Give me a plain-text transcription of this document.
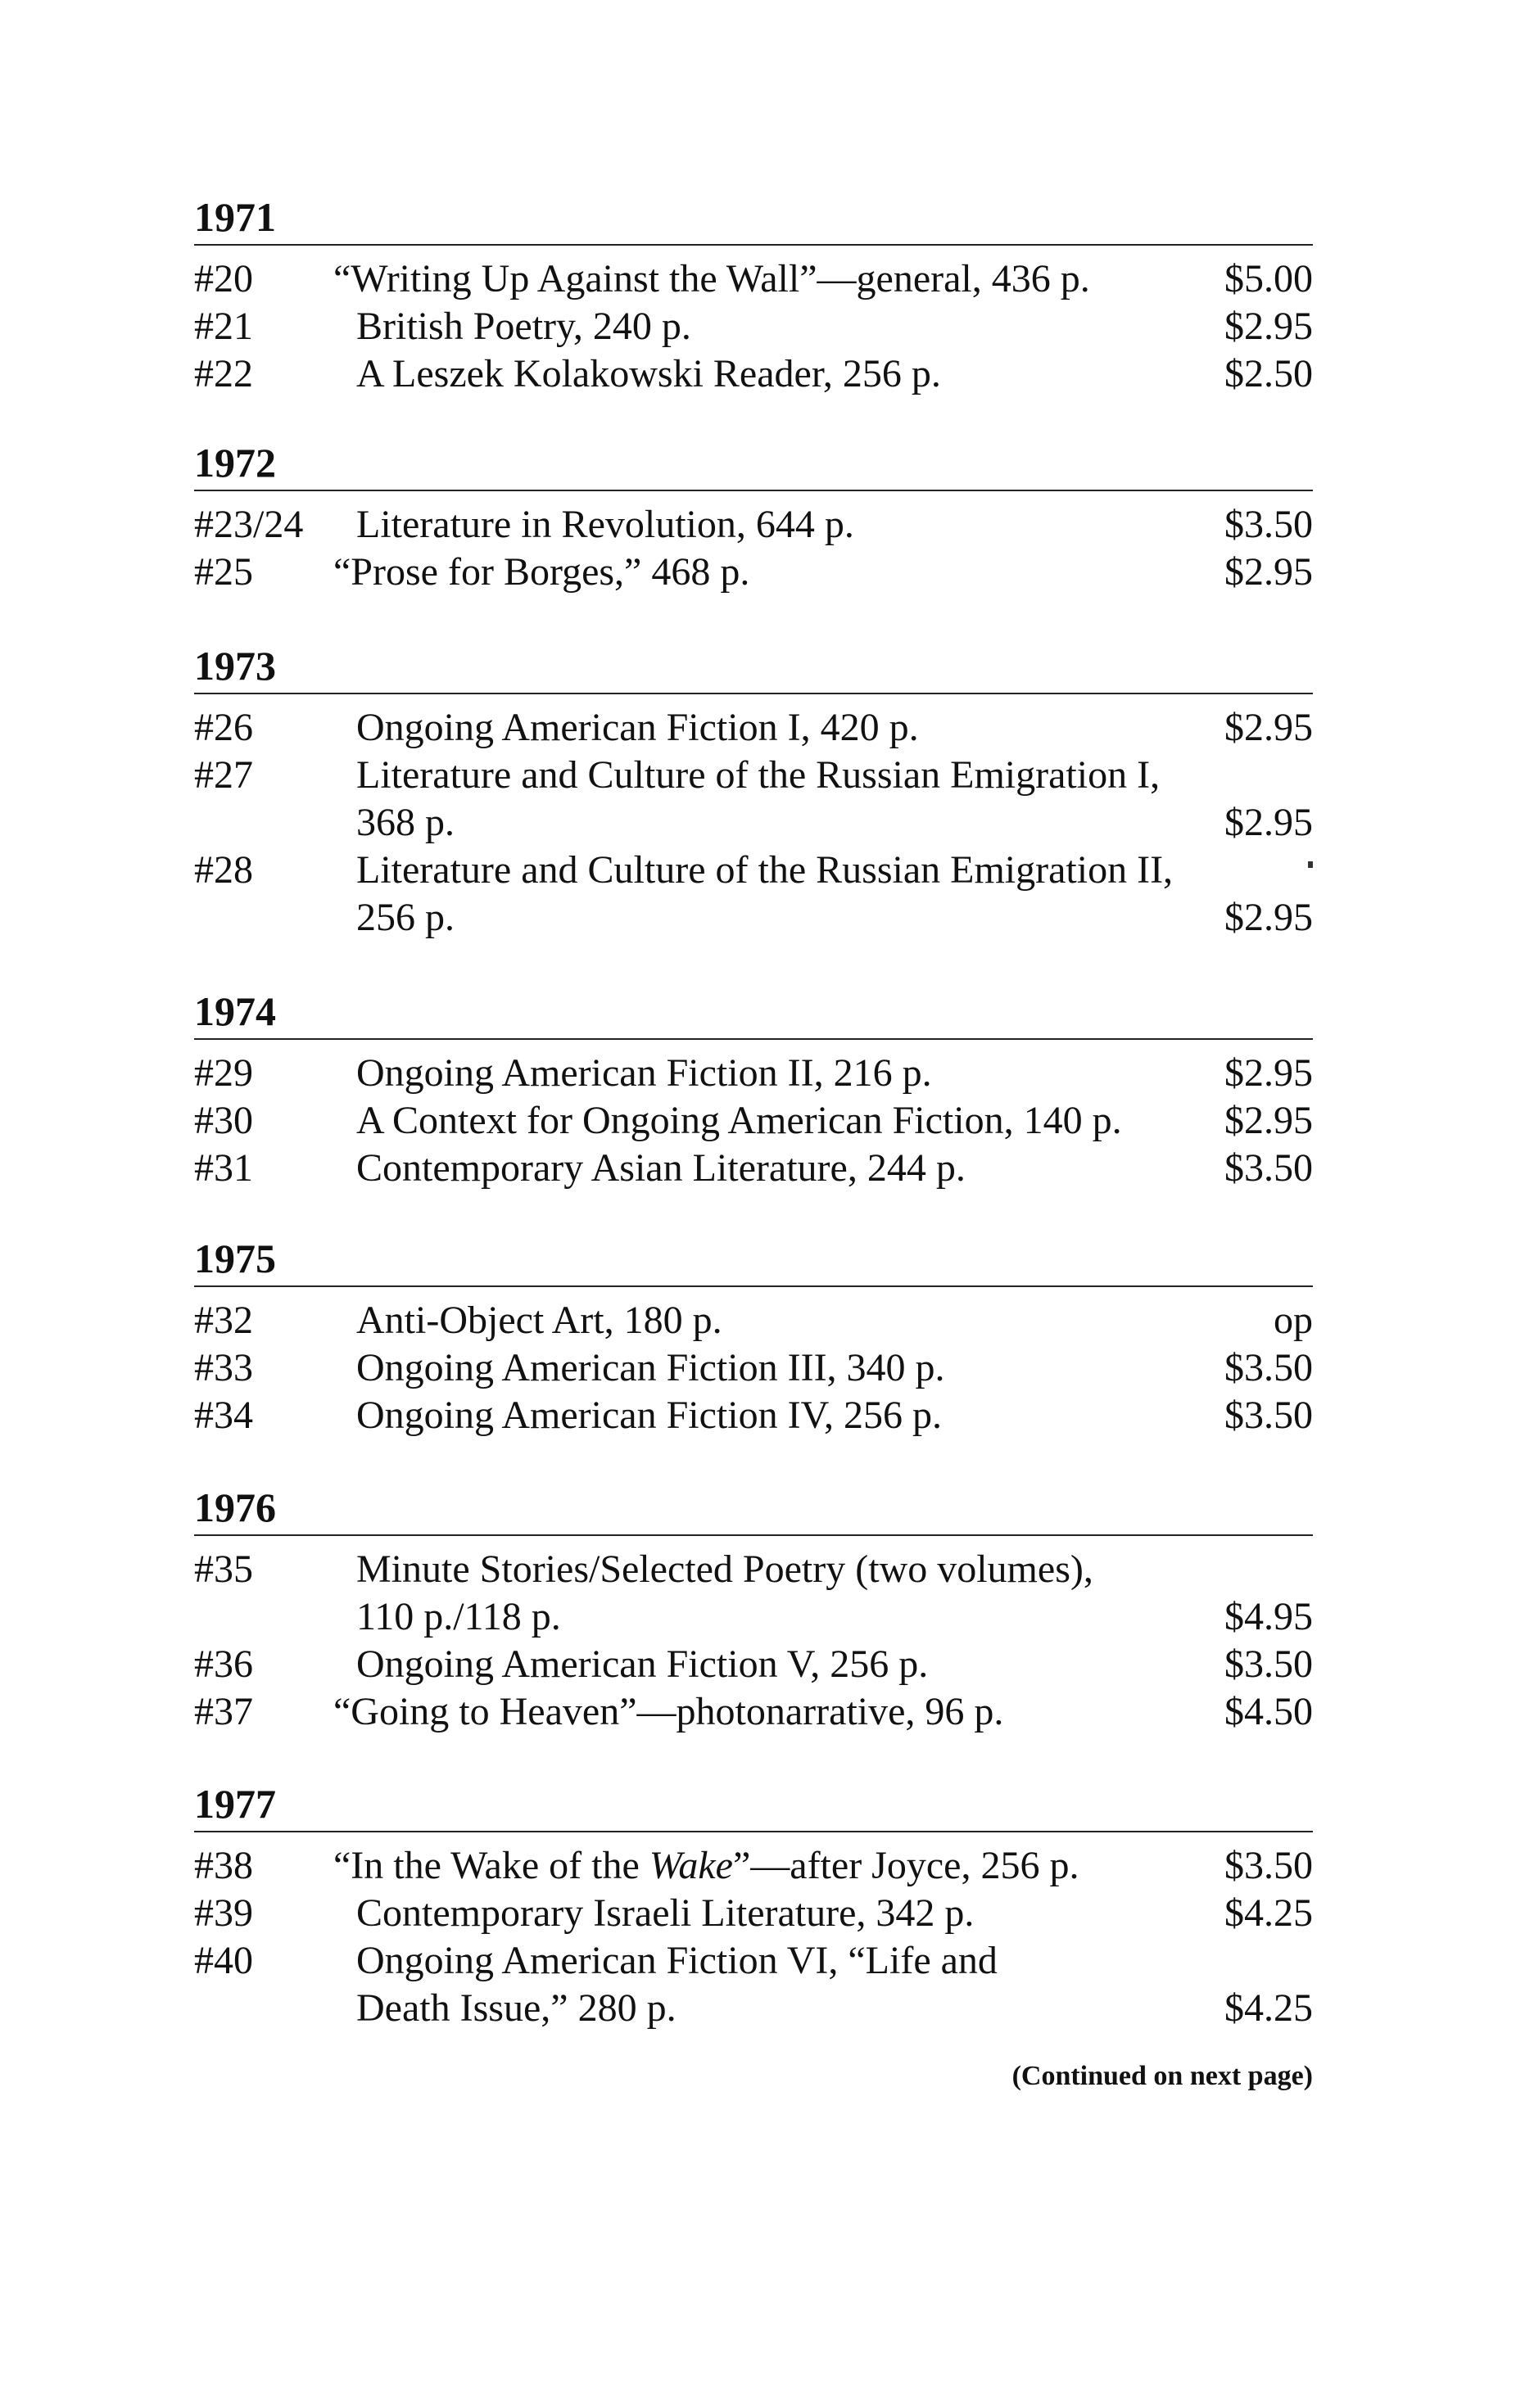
1971
#20	“Writing Up Against the Wall”—general, 436 p.	$5.00
#21	British Poetry, 240 p.	$2.95
#22	A Leszek Kolakowski Reader, 256 p.	$2.50
1972
#23/24	Literature in Revolution, 644 p.	$3.50
#25	“Prose for Borges,” 468 p.	$2.95
1973
#26	Ongoing American Fiction I, 420 p.	$2.95
#27	Literature and Culture of the Russian Emigration I,
368 p.	$2.95
#28	Literature and Culture of the Russian Emigration II,
256 p.	$2.95
1974
#29	Ongoing American Fiction II, 216 p.	$2.95
#30	A Context for Ongoing American Fiction, 140 p.	$2.95
#31	Contemporary Asian Literature, 244 p.	$3.50
1975
#32	Anti-Object Art, 180 p.	op
#33	Ongoing American Fiction III, 340 p.	$3.50
#34	Ongoing American Fiction IV, 256 p.	$3.50
1976
#35	Minute Stories/Selected Poetry (two volumes),
110 p./118 p.	$4.95
#36	Ongoing American Fiction V, 256 p.	$3.50
#37	“Going to Heaven”—photonarrative, 96 p.	$4.50
1977
#38	“In the Wake of the Wake”—after Joyce, 256 p.	$3.50
#39	Contemporary Israeli Literature, 342 p.	$4.25
#40	Ongoing American Fiction VI, “Life and
Death Issue,” 280 p.	$4.25
(Continued on next page)
